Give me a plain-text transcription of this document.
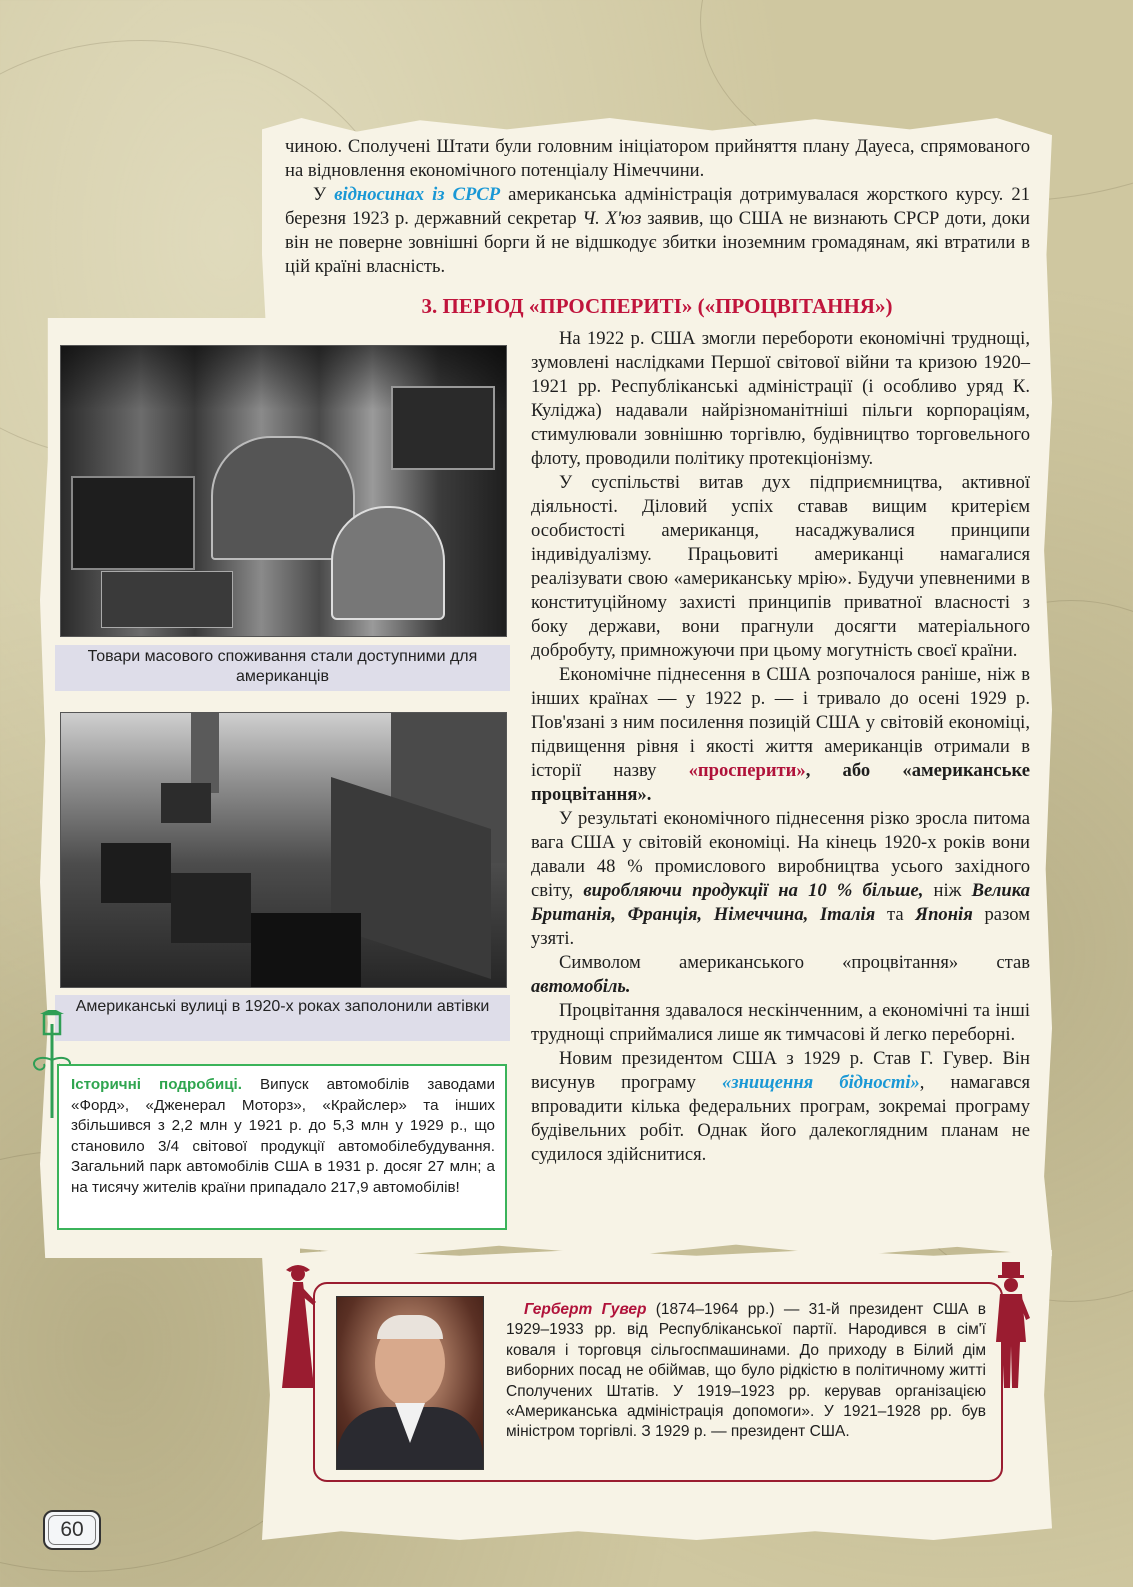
чиною. Сполучені Штати були головним ініціатором прийняття плану Дауеса, спрямованого на відновлення економічного потенціалу Німеччини.

У відносинах із СРСР американська адміністрація дотримувалася жорсткого курсу. 21 березня 1923 р. державний секретар Ч. Х'юз заявив, що США не визнають СРСР доти, доки він не поверне зовнішні борги й не відшкодує збитки іноземним громадянам, які втратили в цій країні власність.

3. ПЕРІОД «ПРОСПЕРИТІ» («ПРОЦВІТАННЯ»)

На 1922 р. США змогли перебороти економічні труднощі, зумовлені наслідками Першої світової війни та кризою 1920–1921 рр. Республіканські адміністрації (і особливо уряд К. Куліджа) надавали найрізноманітніші пільги корпораціям, стимулювали зовнішню торгівлю, будівництво торговельного флоту, проводили політику протекціонізму.

У суспільстві витав дух підприємництва, активної діяльності. Діловий успіх ставав вищим критерієм особистості американця, насаджувалися принципи індивідуалізму. Працьовиті американці намагалися реалізувати свою «американську мрію». Будучи упевненими в конституційному захисті принципів приватної власності з боку держави, вони прагнули досягти матеріального добробуту, примножуючи при цьому могутність своєї країни.

Економічне піднесення в США розпочалося раніше, ніж в інших країнах — у 1922 р. — і тривало до осені 1929 р. Пов'язані з ним посилення позицій США у світовій економіці, підвищення рівня і якості життя американців отримали в історії назву «просперити», або «американське процвітання».

У результаті економічного піднесення різко зросла питома вага США у світовій економіці. На кінець 1920-х років вони давали 48 % промислового виробництва усього західного світу, виробляючи продукції на 10 % більше, ніж Велика Британія, Франція, Німеччина, Італія та Японія разом узяті.

Символом американського «процвітання» став автомобіль.

Процвітання здавалося нескінченним, а економічні та інші труднощі сприймалися лише як тимчасові й легко переборні.

Новим президентом США з 1929 р. Став Г. Гувер. Він висунув програму «знищення бідності», намагався впровадити кілька федеральних програм, зокремаі програму будівельних робіт. Однак його далекоглядним планам не судилося здійснитися.

Товари масового споживання стали доступними для американців
Американські вулиці в 1920-х роках заполонили автівки
Історичні подробиці. Випуск автомобілів заводами «Форд», «Дженерал Моторз», «Крайслер» та інших збільшився з 2,2 млн у 1921 р. до 5,3 млн у 1929 р., що становило 3/4 світової продукції автомобілебудування. Загальний парк автомобілів США в 1931 р. досяг 27 млн; а на тисячу жителів країни припадало 217,9 автомобілів!
Герберт Гувер (1874–1964 рр.) — 31-й президент США в 1929–1933 рр. від Республіканської партії. Народився в сім'ї коваля і торговця сільгоспмашинами. До приходу в Білий дім виборних посад не обіймав, що було рідкістю в політичному житті Сполучених Штатів. У 1919–1923 рр. керував організацією «Американська адміністрація допомоги». У 1921–1928 рр. був міністром торгівлі. З 1929 р. — президент США.
60
